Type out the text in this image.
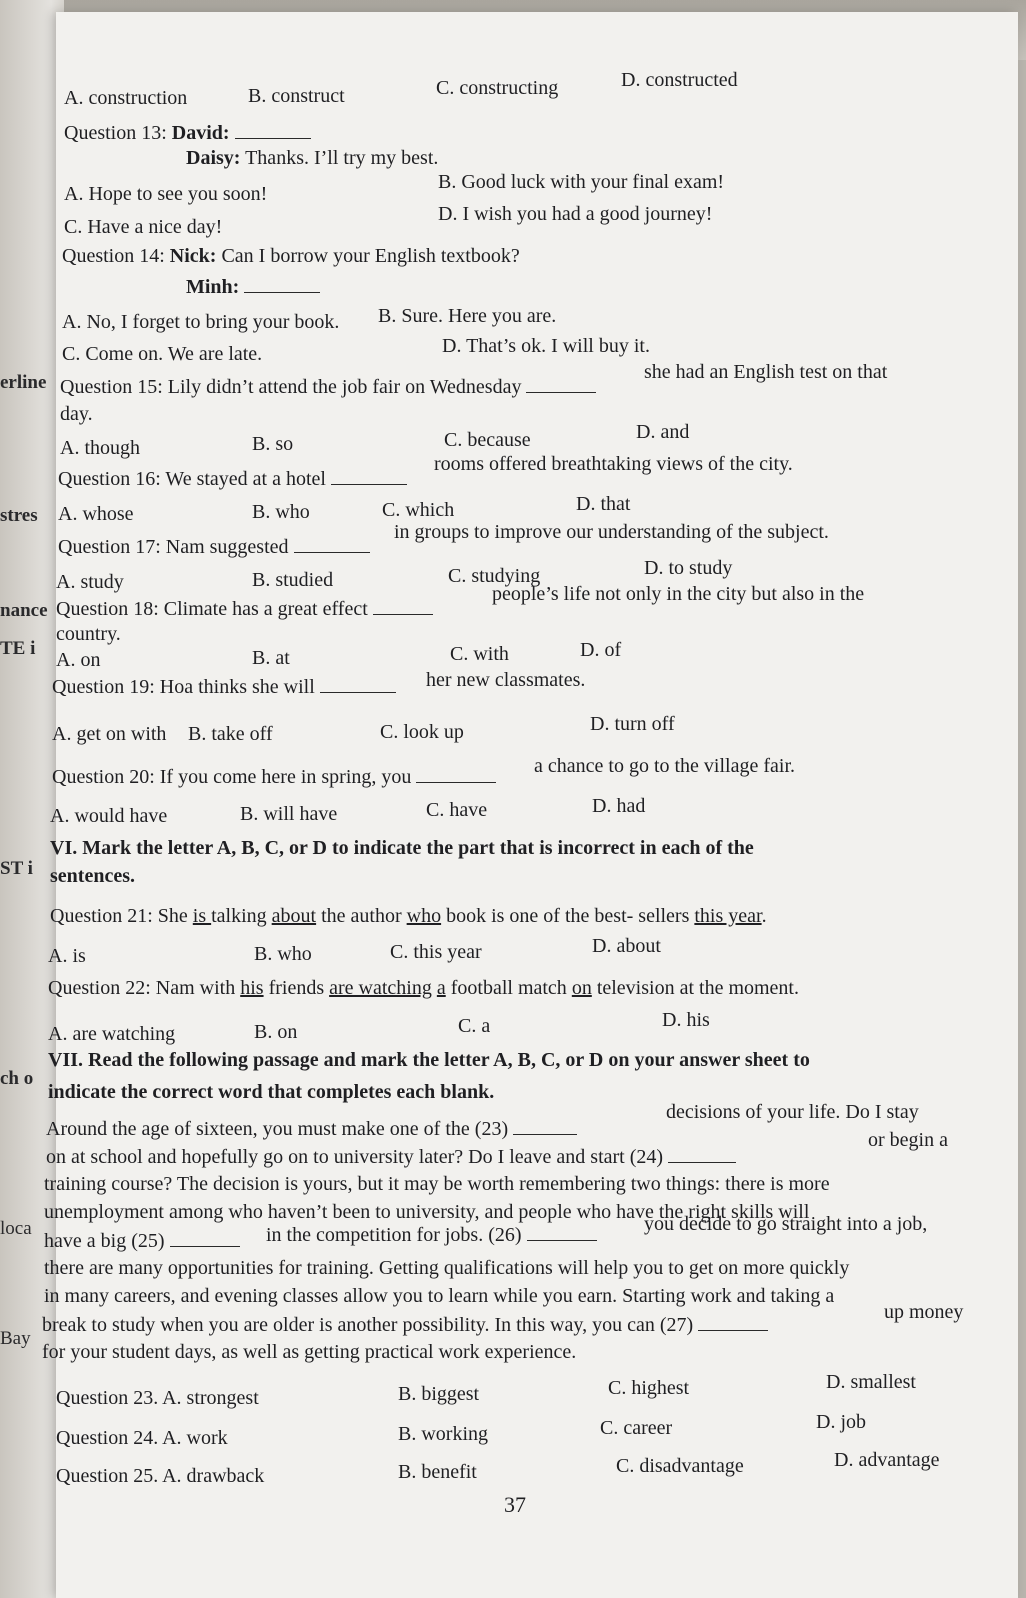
erline
stres
nance
TE i
ST i
ch o
loca
Bay
A. construction	B. construct	C. constructing	D. constructed
Question 13: David:
Daisy: Thanks. I’ll try my best.
A. Hope to see you soon!
B. Good luck with your final exam!
C. Have a nice day!
D. I wish you had a good journey!
Question 14: Nick: Can I borrow your English textbook?
Minh:
A. No, I forget to bring your book. B. Sure. Here you are.
C. Come on. We are late.	D. That’s ok. I will buy it.
Question 15: Lily didn’t attend the job fair on Wednesday
she had an English test on that
day.
A. though	B. so	C. because	D. and
Question 16: We stayed at a hotel
rooms offered breathtaking views of the city.
A. whose	B. who	C. which	D. that
Question 17: Nam suggested
in groups to improve our understanding of the subject.
A. study	B. studied	C. studying	D. to study
Question 18: Climate has a great effect
people’s life not only in the city but also in the
country.
A. on	B. at	C. with	D. of
Question 19: Hoa thinks she will	her new classmates.
A. get on with B. take off	C. look up	D. turn off
Question 20: If you come here in spring, you	a chance to go to the village fair.
A. would have	B. will have	C. have	D. had
VI. Mark the letter A, B, C, or D to indicate the part that is incorrect in each of the
sentences.
Question 21: She is talking about the author who book is one of the best- sellers this year.
A. is	B. who	C. this year	D. about
Question 22: Nam with his friends are watching a football match on television at the moment.
A. are watching	B. on	C. a	D. his
VII. Read the following passage and mark the letter A, B, C, or D on your answer sheet to
indicate the correct word that completes each blank.
Around the age of sixteen, you must make one of the (23)
decisions of your life. Do I stay
on at school and hopefully go on to university later? Do I leave and start (24)
or begin a
training course? The decision is yours, but it may be worth remembering two things: there is more
unemployment among who haven’t been to university, and people who have the right skills will
have a big (25)	in the competition for jobs. (26)	you decide to go straight into a job,
there are many opportunities for training. Getting qualifications will help you to get on more quickly
in many careers, and evening classes allow you to learn while you earn. Starting work and taking a
break to study when you are older is another possibility. In this way, you can (27)
up money
for your student days, as well as getting practical work experience.
Question 23. A. strongest	B. biggest	C. highest	D. smallest
Question 24. A. work	B. working	C. career	D. job
Question 25. A. drawback	B. benefit	C. disadvantage	D. advantage
37
